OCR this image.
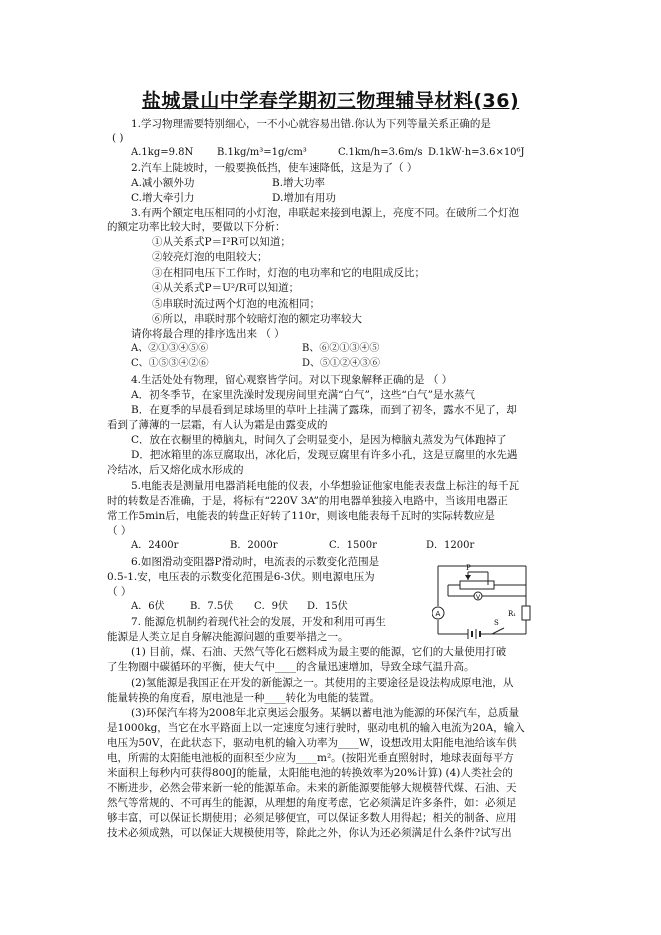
盐城景山中学春学期初三物理辅导材料(36)
1.学习物理需要特别细心，一不小心就容易出错.你认为下列等量关系正确的是
( )
A.1kg=9.8N B.1kg/m³=1g/cm³	C.1km/h=3.6m/s D.1kW·h=3.6×10⁶J
2.汽车上陡坡时，一般要换低挡，使车速降低，这是为了（ ）
A.减小额外功	B.增大功率
C.增大牵引力	D.增加有用功
3.有两个额定电压相同的小灯泡，串联起来接到电源上，亮度不同。在破所二个灯泡
的额定功率比较大时，要做以下分析：
①从关系式P＝I²R可以知道；
②较亮灯泡的电阻较大；
③在相同电压下工作时，灯泡的电功率和它的电阻成反比；
④从关系式P＝U²/R可以知道；
⑤串联时流过两个灯泡的电流相同；
⑥所以，串联时那个较暗灯泡的额定功率较大
请你将最合理的排序选出来 （ ）
A、②①③④⑤⑥	B、⑥②①③④⑤
C、①⑤③④②⑥	D、⑤①②④③⑥
4.生活处处有物理，留心观察皆学问。对以下现象解释正确的是 （ ）
A．初冬季节，在家里洗澡时发现房间里充满“白气”，这些“白气”是水蒸气
B．在夏季的早晨看到足球场里的草叶上挂满了露珠，而到了初冬，露水不见了，却
看到了薄薄的一层霜，有人认为霜是由露变成的
C．放在衣橱里的樟脑丸，时间久了会明显变小，是因为樟脑丸蒸发为气体跑掉了
D．把冰箱里的冻豆腐取出，冰化后，发现豆腐里有许多小孔，这是豆腐里的水先遇
冷结冰，后又熔化成水形成的
5.电能表是测量用电器消耗电能的仪表，小华想验证他家电能表表盘上标注的每千瓦
时的转数是否准确，于是，将标有“220V 3A”的用电器单独接入电路中，当该用电器正
常工作5min后，电能表的转盘正好转了110r，则该电能表每千瓦时的实际转数应是
（ ）
A．2400r	B．2000r	C．1500r	D．1200r
6.如图滑动变阻器P滑动时，电流表的示数变化范围是
0.5-1.安，电压表的示数变化范围是6-3伏。则电源电压为
（ ）
A．6伏	B．7.5伏 C．9伏 D．15伏
P
V
A	R₁
S
7. 能源危机制约着现代社会的发展，开发和利用可再生
能源是人类立足自身解决能源问题的重要举措之一。
(1) 目前，煤、石油、天然气等化石燃料成为最主要的能源，它们的大量使用打破
了生物圈中碳循环的平衡，使大气中____的含量迅速增加，导致全球气温升高。
(2)氢能源是我国正在开发的新能源之一。其使用的主要途径是设法构成原电池，从
能量转换的角度看，原电池是一种____转化为电能的装置。
(3)环保汽车将为2008年北京奥运会服务。某辆以蓄电池为能源的环保汽车，总质量
是1000kg，当它在水平路面上以一定速度匀速行驶时，驱动电机的输入电流为20A，输入
电压为50V，在此状态下，驱动电机的输入功率为____W，设想改用太阳能电池给该车供
电，所需的太阳能电池板的面积至少应为____m²。(按阳光垂直照射时，地球表面每平方
米面积上每秒内可获得800J的能量，太阳能电池的转换效率为20%计算) (4)人类社会的
不断进步，必然会带来新一轮的能源革命。未来的新能源要能够大规模替代煤、石油、天
然气等常规的、不可再生的能源，从理想的角度考虑，它必须满足许多条件，如：必须足
够丰富，可以保证长期使用；必须足够便宜，可以保证多数人用得起；相关的制备、应用
技术必须成熟，可以保证大规模使用等，除此之外，你认为还必须满足什么条件?试写出
